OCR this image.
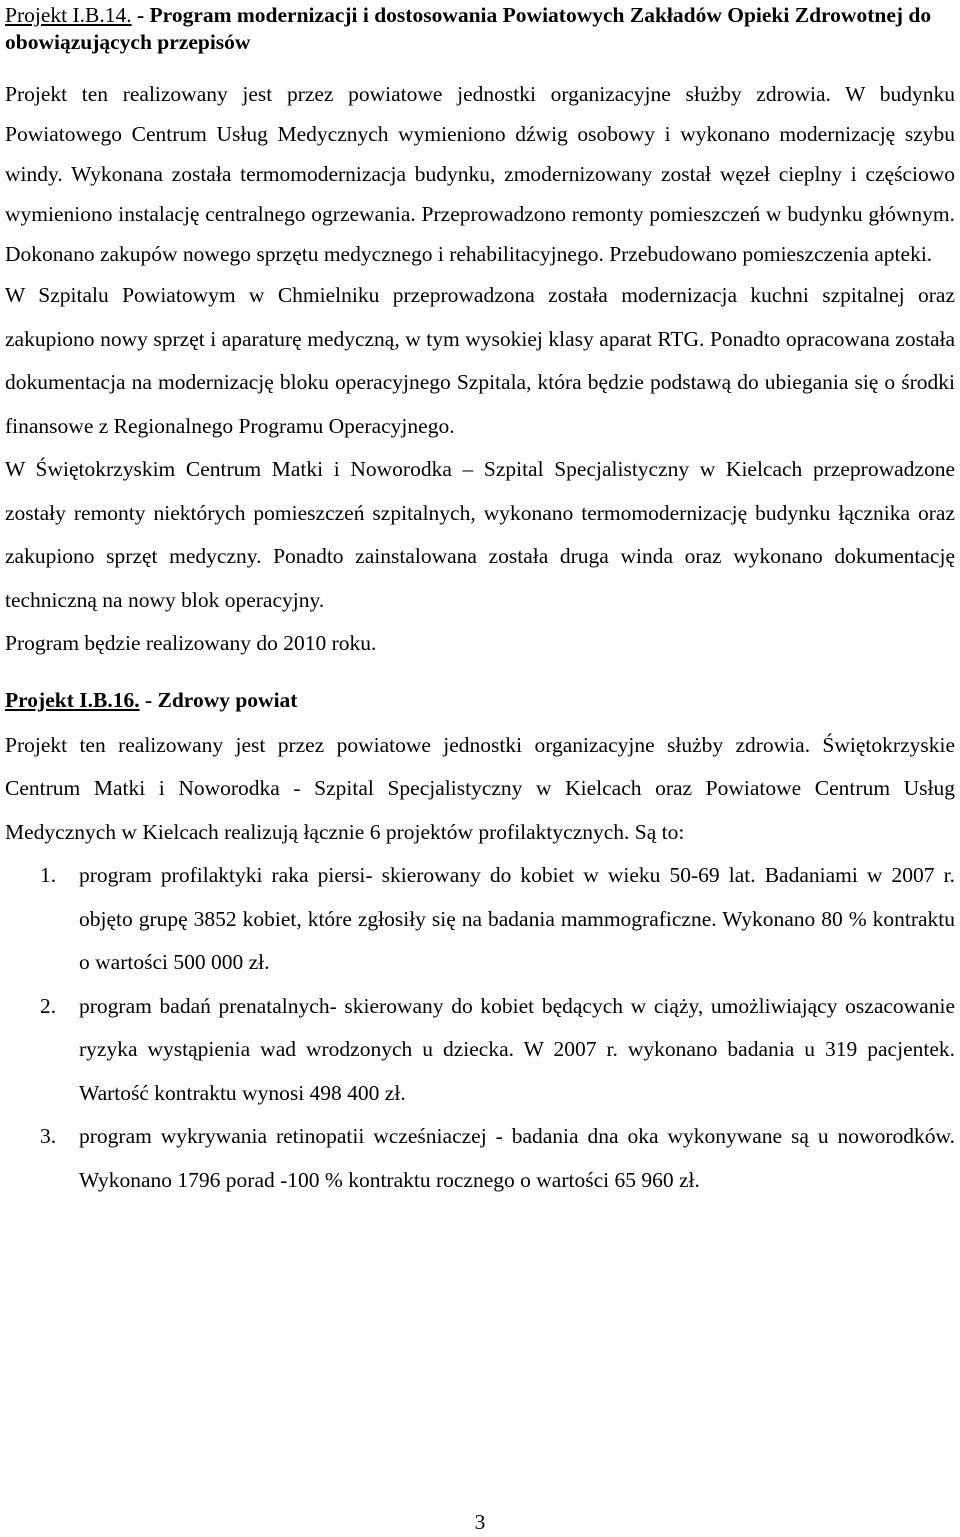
Projekt I.B.14. - Program modernizacji i dostosowania Powiatowych Zakładów Opieki Zdrowotnej do obowiązujących przepisów

Projekt ten realizowany jest przez powiatowe jednostki organizacyjne służby zdrowia. W budynku Powiatowego Centrum Usług Medycznych wymieniono dźwig osobowy i wykonano modernizację szybu windy. Wykonana została termomodernizacja budynku, zmodernizowany został węzeł cieplny i częściowo wymieniono instalację centralnego ogrzewania. Przeprowadzono remonty pomieszczeń w budynku głównym. Dokonano zakupów nowego sprzętu medycznego i rehabilitacyjnego. Przebudowano pomieszczenia apteki.

W Szpitalu Powiatowym w Chmielniku przeprowadzona została modernizacja kuchni szpitalnej oraz zakupiono nowy sprzęt i aparaturę medyczną, w tym wysokiej klasy aparat RTG. Ponadto opracowana została dokumentacja na modernizację bloku operacyjnego Szpitala, która będzie podstawą do ubiegania się o środki finansowe z Regionalnego Programu Operacyjnego.

W Świętokrzyskim Centrum Matki i Noworodka – Szpital Specjalistyczny w Kielcach przeprowadzone zostały remonty niektórych pomieszczeń szpitalnych, wykonano termomodernizację budynku łącznika oraz zakupiono sprzęt medyczny. Ponadto zainstalowana została druga winda oraz wykonano dokumentację techniczną na nowy blok operacyjny.

Program będzie realizowany do 2010 roku.

Projekt I.B.16. - Zdrowy powiat

Projekt ten realizowany jest przez powiatowe jednostki organizacyjne służby zdrowia. Świętokrzyskie Centrum Matki i Noworodka - Szpital Specjalistyczny w Kielcach oraz Powiatowe Centrum Usług Medycznych w Kielcach realizują łącznie 6 projektów profilaktycznych. Są to:

1. program profilaktyki raka piersi- skierowany do kobiet w wieku 50-69 lat. Badaniami w 2007 r. objęto grupę 3852 kobiet, które zgłosiły się na badania mammograficzne. Wykonano 80 % kontraktu o wartości 500 000 zł.
2. program badań prenatalnych- skierowany do kobiet będących w ciąży, umożliwiający oszacowanie ryzyka wystąpienia wad wrodzonych u dziecka. W 2007 r. wykonano badania u 319 pacjentek. Wartość kontraktu wynosi 498 400 zł.
3. program wykrywania retinopatii wcześniaczej - badania dna oka wykonywane są u noworodków. Wykonano 1796 porad -100 % kontraktu rocznego o wartości 65 960 zł.
3
